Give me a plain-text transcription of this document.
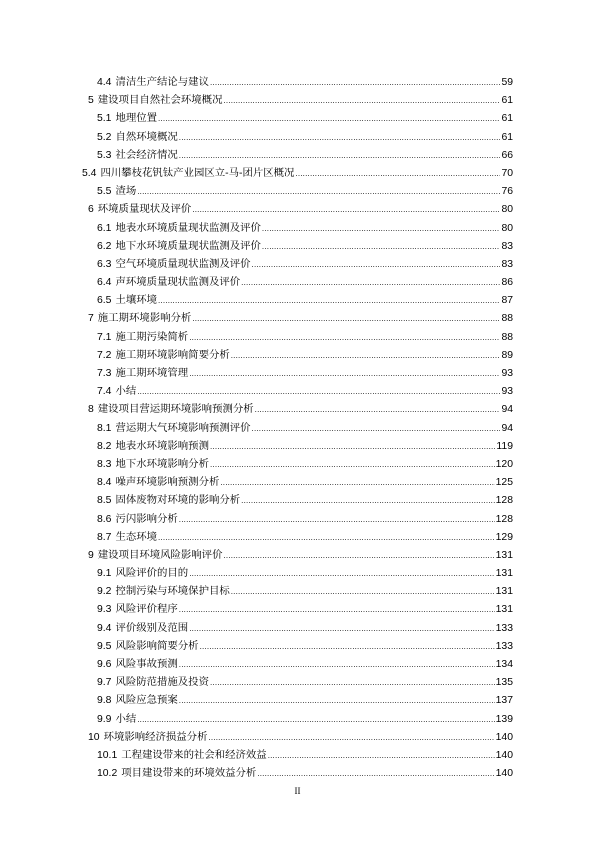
4.4 清洁生产结论与建议 .....	59
5 建设项目自然社会环境概况 .....	61
5.1 地理位置 .....	61
5.2 自然环境概况 .....	61
5.3 社会经济情况 .....	66
5.4 四川攀枝花钒钛产业园区立-马-团片区概况 .....	70
5.5 渣场 .....	76
6 环境质量现状及评价 .....	80
6.1 地表水环境质量现状监测及评价 .....	80
6.2 地下水环境质量现状监测及评价 .....	83
6.3 空气环境质量现状监测及评价 .....	83
6.4 声环境质量现状监测及评价 .....	86
6.5 土壤环境 .....	87
7 施工期环境影响分析 .....	88
7.1 施工期污染简析 .....	88
7.2 施工期环境影响简要分析 .....	89
7.3 施工期环境管理 .....	93
7.4 小结 .....	93
8 建设项目营运期环境影响预测分析 .....	94
8.1 营运期大气环境影响预测评价 .....	94
8.2 地表水环境影响预测 .....	119
8.3 地下水环境影响分析 .....	120
8.4 噪声环境影响预测分析 .....	125
8.5 固体废物对环境的影响分析 .....	128
8.6 污闪影响分析 .....	128
8.7 生态环境 .....	129
9 建设项目环境风险影响评价 .....	131
9.1 风险评价的目的 .....	131
9.2 控制污染与环境保护目标 .....	131
9.3 风险评价程序 .....	131
9.4 评价级别及范围 .....	133
9.5 风险影响简要分析 .....	133
9.6 风险事故预测 .....	134
9.7 风险防范措施及投资 .....	135
9.8 风险应急预案 .....	137
9.9 小结 .....	139
10 环境影响经济损益分析 .....	140
10.1 工程建设带来的社会和经济效益 .....	140
10.2 项目建设带来的环境效益分析 .....	140
II
